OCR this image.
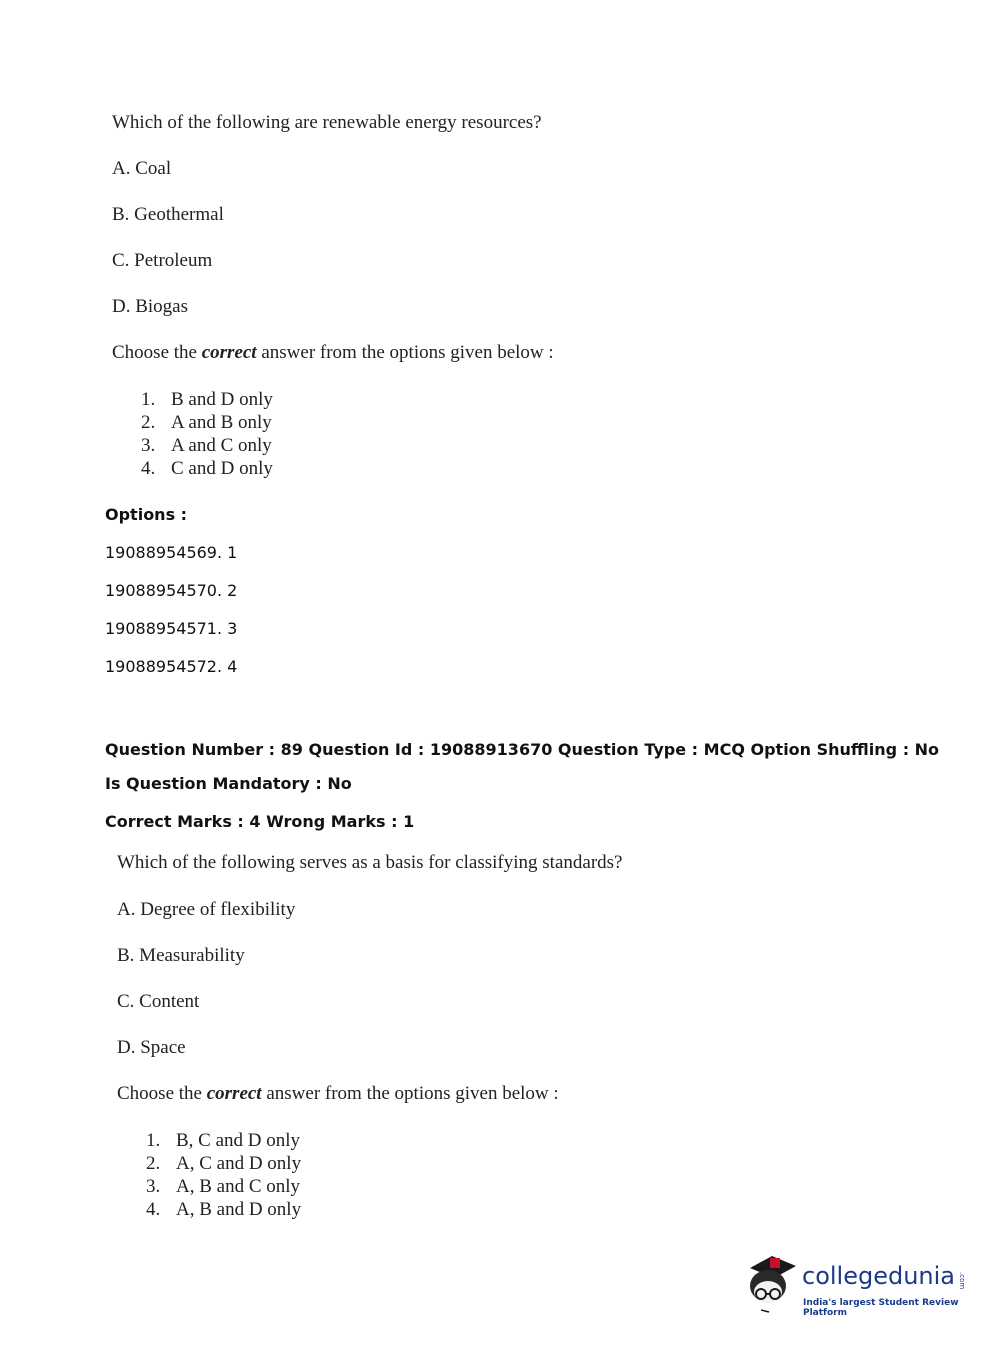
Which of the following are renewable energy resources?
A. Coal
B. Geothermal
C. Petroleum
D. Biogas
Choose the correct answer from the options given below :
1. B and D only
2. A and B only
3. A and C only
4. C and D only
Options :
19088954569. 1
19088954570. 2
19088954571. 3
19088954572. 4
Question Number : 89 Question Id : 19088913670 Question Type : MCQ Option Shuffling : No
Is Question Mandatory : No
Correct Marks : 4 Wrong Marks : 1
Which of the following serves as a basis for classifying standards?
A. Degree of flexibility
B. Measurability
C. Content
D. Space
Choose the correct answer from the options given below :
1. B, C and D only
2. A, C and D only
3. A, B and C only
4. A, B and D only
collegedunia .com
India's largest Student Review Platform
